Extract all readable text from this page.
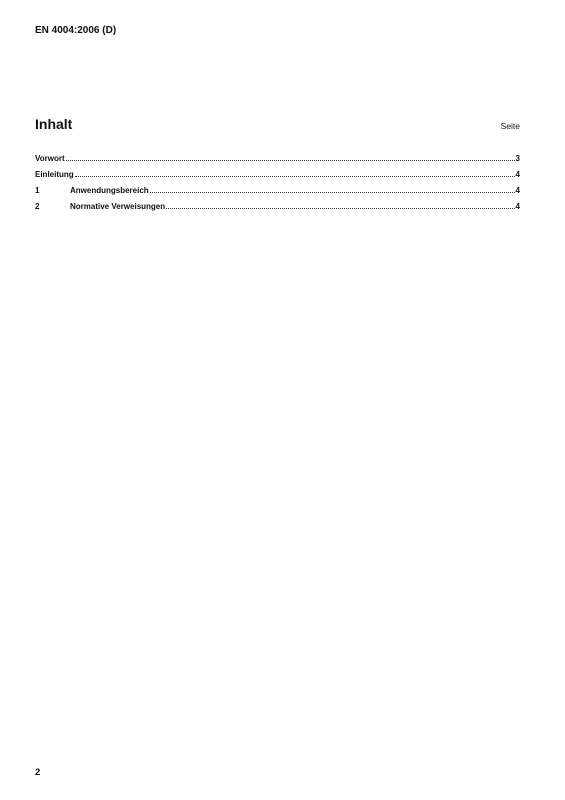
EN 4004:2006 (D)
Inhalt	Seite
Vorwort	3
Einleitung	4
1	Anwendungsbereich	4
2	Normative Verweisungen	4
2
